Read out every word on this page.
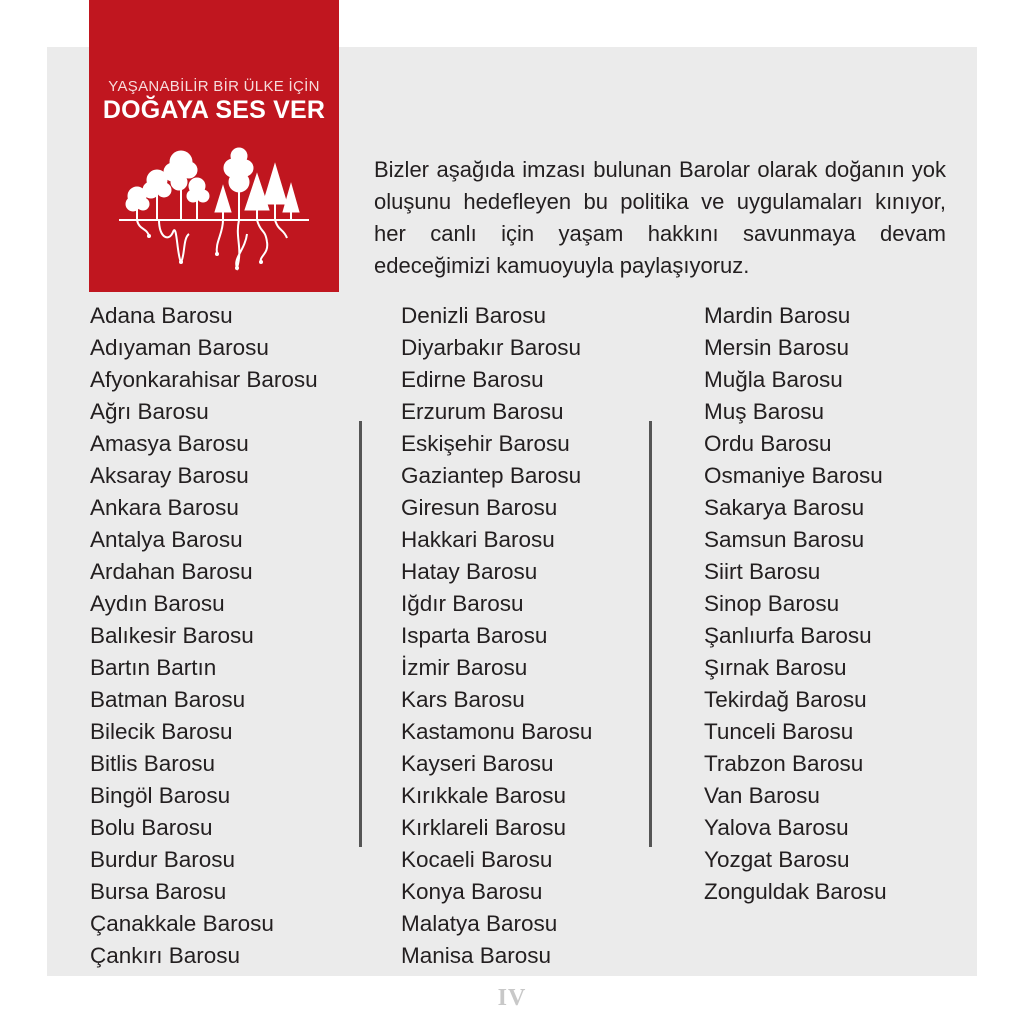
YAŞANABİLİR BİR ÜLKE İÇİN
DOĞAYA SES VER

Bizler aşağıda imzası bulunan Barolar olarak doğanın yok oluşunu hedefleyen bu politika ve uygulamaları kınıyor, her canlı için yaşam hakkını savunmaya devam edeceğimizi kamuoyuyla paylaşıyoruz.

Adana Barosu
Adıyaman Barosu
Afyonkarahisar Barosu
Ağrı Barosu
Amasya Barosu
Aksaray Barosu
Ankara Barosu
Antalya Barosu
Ardahan Barosu
Aydın Barosu
Balıkesir Barosu
Bartın Bartın
Batman Barosu
Bilecik Barosu
Bitlis Barosu
Bingöl Barosu
Bolu Barosu
Burdur Barosu
Bursa Barosu
Çanakkale Barosu
Çankırı Barosu
Denizli Barosu
Diyarbakır Barosu
Edirne Barosu
Erzurum Barosu
Eskişehir Barosu
Gaziantep Barosu
Giresun Barosu
Hakkari Barosu
Hatay Barosu
Iğdır Barosu
Isparta Barosu
İzmir Barosu
Kars Barosu
Kastamonu Barosu
Kayseri Barosu
Kırıkkale Barosu
Kırklareli Barosu
Kocaeli Barosu
Konya Barosu
Malatya Barosu
Manisa Barosu
Mardin Barosu
Mersin Barosu
Muğla Barosu
Muş Barosu
Ordu Barosu
Osmaniye Barosu
Sakarya Barosu
Samsun Barosu
Siirt Barosu
Sinop Barosu
Şanlıurfa Barosu
Şırnak Barosu
Tekirdağ Barosu
Tunceli Barosu
Trabzon Barosu
Van Barosu
Yalova Barosu
Yozgat Barosu
Zonguldak Barosu
IV
